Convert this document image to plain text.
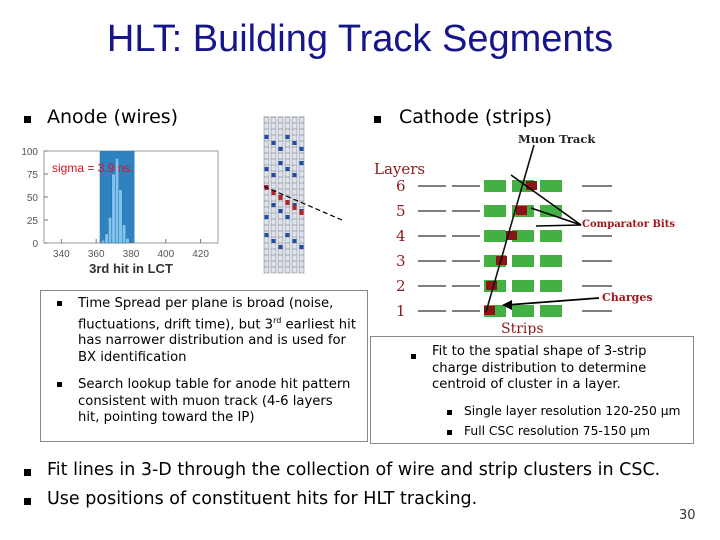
HLT: Building Track Segments
Anode (wires)
100
75
50
25
0
340 360 380 400 420
sigma = 3.9 ns.
3rd hit in LCT
Time Spread per plane is broad (noise, fluctuations, drift time), but 3rd earliest hit has narrower distribution and is used for BX identification
Search lookup table for anode hit pattern consistent with muon track (4-6 layers hit, pointing toward the IP)
Cathode (strips)
Muon Track
Layers
6
5
4
3
2
1
Comparator Bits
Charges
Strips
Fit to the spatial shape of 3-strip charge distribution to determine centroid of cluster in a layer.
Single layer resolution 120-250 µm
Full CSC resolution 75-150 µm
Fit lines in 3-D through the collection of wire and strip clusters in CSC.
Use positions of constituent hits for HLT tracking.
30
